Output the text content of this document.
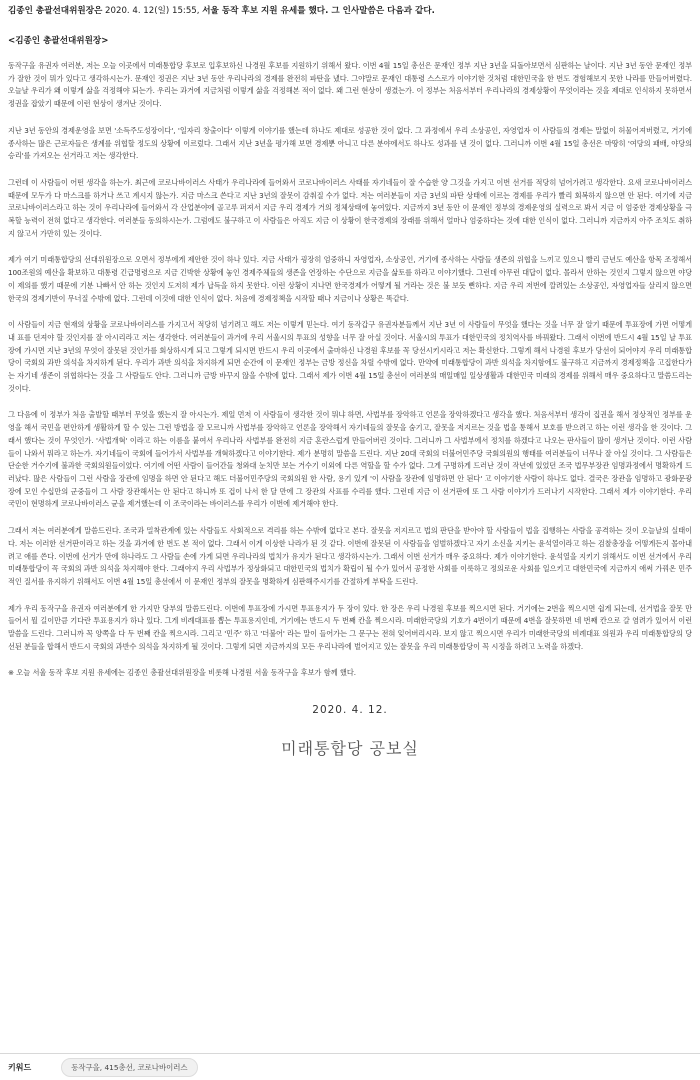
김종인 총괄선대위원장은 2020. 4. 12(일) 15:55, 서울 동작 후보 지원 유세를 했다. 그 인사말씀은 다음과 같다.

<김종인 총괄선대위원장>

동작구을 유권자 여러분, 저는 오늘 이곳에서 미래통합당 후보로 입후보하신 나경원 후보를 지원하기 위해서 왔다. 이번 4월 15일 총선은 문재인 정부 지난 3년을 되돌아보면서 심판하는 날이다. 지난 3년 동안 문재인 정부가 잘한 것이 뭐가 있다고 생각하시는가. 문재인 정권은 지난 3년 동안 우리나라의 경제를 완전히 파탄을 냈다. 그야말로 문재인 대통령 스스로가 이야기한 것처럼 대한민국을 한 번도 경험해보지 못한 나라를 만들어버렸다. 오늘날 우리가 왜 이렇게 삶을 걱정해야 되는가. 우리는 과거에 지금처럼 이렇게 삶을 걱정해본 적이 없다. 왜 그런 현상이 생겼는가. 이 정부는 처음서부터 우리나라의 경제상황이 무엇이라는 것을 제대로 인식하지 못하면서 정권을 잡았기 때문에 이런 현상이 생겨난 것이다.

지난 3년 동안의 경제운영을 보면 '소득주도성장이다', '일자리 창출이다' 이렇게 이야기를 했는데 하나도 제대로 성공한 것이 없다. 그 과정에서 우리 소상공인, 자영업자 이 사람들의 경제는 말없이 허물어져버렸고, 거기에 종사하는 많은 근로자들은 생계를 위협할 정도의 상황에 이르렀다. 그래서 지난 3년을 평가해 보면 경제뿐 아니고 다른 분야에서도 하나도 성과를 낸 것이 없다. 그러니까 이번 4월 15일 총선은 마땅히 '여당의 패배, 야당의 승리'를 가져오는 선거라고 저는 생각한다.

그런데 이 사람들이 어떤 생각을 하는가. 최근에 코로나바이러스 사태가 우리나라에 들어와서 코로나바이러스 사태를 자기네들이 잘 수습한 양 그것을 가지고 이번 선거를 적당히 넘어가려고 생각한다. 요새 코로나바이러스 때문에 모두가 다 마스크를 하거나 쓰고 계시지 않는가. 지금 마스크 쓴다고 지난 3년의 잘못이 감춰질 수가 없다. 저는 여러분들이 지금 3년의 파탄 상태에 이르는 경제를 우리가 빨리 회복하지 않으면 안 된다. 여기에 지금 코로나바이러스라고 하는 것이 우리나라에 들어와서 각 산업분야에 골고루 퍼져서 지금 우리 경제가 거의 정체상태에 놓여있다. 지금까지 3년 동안 이 문재인 정부의 경제운영의 실력으로 봐서 지금 이 엄중한 경제상황을 극복할 능력이 전혀 없다고 생각한다. 여러분들 동의하시는가. 그럼에도 불구하고 이 사람들은 아직도 지금 이 상황이 한국경제의 장래를 위해서 얼마나 엄중하다는 것에 대한 인식이 없다. 그러니까 지금까지 아주 조치도 취하지 않고서 가만히 있는 것이다.

제가 여기 미래통합당의 선대위원장으로 오면서 정부에게 제안한 것이 하나 있다. 지금 사태가 굉장히 엄중하니 자영업자, 소상공인, 거기에 종사하는 사람들 생존의 위협을 느끼고 있으니 빨리 금년도 예산을 항목 조정해서 100조원의 예산을 확보하고 대통령 긴급명령으로 지금 긴박한 상황에 놓인 경제주체들의 생존을 연장하는 수단으로 지금을 삶토를 하라고 이야기했다. 그런데 아무런 대답이 없다. 몰라서 안하는 것인지 그렇지 않으면 야당이 제의를 했기 때문에 기분 나빠서 안 하는 것인지 도저히 제가 납득을 하지 못한다. 이런 상황이 지나면 한국경제가 어떻게 될 거라는 것은 불 보듯 뻔하다. 지금 우리 저번에 깔려있는 소상공인, 자영업자들 살리지 않으면 한국의 경제기반이 무너질 수밖에 없다. 그런데 이것에 대한 인식이 없다. 처음에 경제정책을 시작할 때나 지금이나 상황은 똑같다.

이 사람들이 지금 현재의 상황을 코로나바이러스를 가지고서 적당히 넘기려고 해도 저는 이렇게 믿는다. 여기 동작갑구 유권자분들께서 지난 3년 이 사람들이 무엇을 했다는 것을 너무 잘 알기 때문에 투표장에 가면 어떻게 내 표를 던져야 할 것인지를 잘 아시리라고 저는 생각한다. 여러분들이 과거에 우리 서울시의 투표의 성향을 너무 잘 아실 것이다. 서울시의 투표가 대한민국의 정치역사를 바꿔왔다. 그래서 이번에 반드시 4월 15일 날 투표장에 가시면 지난 3년의 무엇이 잘못된 것인가를 회상하시게 되고 그렇게 되시면 반드시 우리 이곳에서 출마하신 나경원 후보를 꼭 당선시키시라고 저는 확신한다. 그렇게 해서 나경원 후보가 당선이 되어야지 우리 미래통합당이 국회의 과반 의석을 차지하게 된다. 우리가 과반 의석을 차지하게 되면 순간에 이 문재인 정부는 금방 정신을 차릴 수밖에 없다. 만약에 미래통합당이 과반 의석을 차지함에도 불구하고 지금까지 경제정책을 고집한다가는 자기네 생존이 위협하다는 것을 그 사람들도 안다. 그러니까 금방 바꾸지 않을 수밖에 없다. 그래서 제가 이번 4월 15일 총선이 여러분의 매일매일 일상생활과 대한민국 미래의 경제를 위해서 매우 중요하다고 말씀드리는 것이다.

그 다음에 이 정부가 처음 출발할 때부터 무엇을 했는지 잘 아시는가. 제일 먼저 이 사람들이 생각한 것이 뭐냐 하면, 사법부를 장악하고 언론을 장악하겠다고 생각을 했다. 처음서부터 생각이 집권을 해서 정상적인 정부를 운영을 해서 국민을 편안하게 생활하게 할 수 있는 그런 방법을 잘 모르니까 사법부를 장악하고 언론을 장악해서 자기네들의 잘못을 숨기고, 잘못을 저지르는 것을 법을 통해서 보호를 받으려고 하는 이런 생각을 한 것이다. 그래서 했다는 것이 무엇인가. '사법개혁' 이라고 하는 이름을 붙여서 우리나라 사법부를 완전히 지금 혼란스럽게 만들어버린 것이다. 그러니까 그 사법부에서 정치를 하겠다고 나오는 판사들이 많이 생겨난 것이다. 이런 사람들이 나와서 뭐라고 하는가. 자기네들이 국회에 들어가서 사법부를 개혁하겠다고 이야기한다. 제가 분명히 말씀을 드린다. 지난 20대 국회의 더불어민주당 국회의원의 행태를 여러분들이 너무나 잘 아실 것이다. 그 사람들은 단순한 거수기에 불과한 국회의원들이었다. 여기에 어떤 사람이 들어간들 청와대 눈치만 보는 거수기 이외에 다른 역할을 할 수가 없다. 그게 구명하게 드러난 것이 작년에 있었던 조국 법무부장관 임명과정에서 명확하게 드러났다. 많은 사람들이 그런 사람을 장관에 임명을 하면 안 된다고 해도 더불어민주당의 국회의원 한 사람, 용기 있게 '이 사람을 장관에 임명하면 안 된다' 고 이야기한 사람이 하나도 없다. 결국은 장관을 임명하고 광화문광장에 모인 수십만의 군중들이 그 사람 장관해서는 안 된다고 하니까 또 겁이 나서 한 달 만에 그 장관의 사표를 수리를 했다. 그런데 지금 이 선거판에 또 그 사람 이야기가 드러나기 시작한다. 그래서 제가 이야기한다. 우리 국민이 현명하게 코로나바이러스 균을 제거했는데 이 조국이라는 바이러스를 우리가 이번에 제거해야 한다.

그래서 저는 여러분에게 말씀드린다. 조국과 밀착관계에 있는 사람들도 사회적으로 격리를 하는 수밖에 없다고 본다. 잘못을 저지르고 법의 판단을 받아야 할 사람들이 법을 집행하는 사람을 공격하는 것이 오늘날의 실태이다. 저는 이러한 선거판이라고 하는 것을 과거에 한 번도 본 적이 없다. 그래서 이게 이상한 나라가 된 것 같다. 이번에 잘못된 이 사람들을 엄벌하겠다고 자기 소신을 지키는 윤석열이라고 하는 검찰총장을 어떻게든지 몰아내려고 애를 쓴다. 이번에 선거가 만에 하나라도 그 사람들 손에 가게 되면 우리나라의 법치가 유지가 된다고 생각하시는가. 그래서 이번 선거가 매우 중요하다. 제가 이야기한다. 윤석열을 지키기 위해서도 이번 선거에서 우리 미래통합당이 꼭 국회의 과반 의석을 차지해야 한다. 그래야지 우리 사법부가 정상화되고 대한민국의 법치가 확립이 될 수가 있어서 공정한 사회를 이룩하고 정의로운 사회를 일으키고 대한민국에 지금까지 애써 가꿔온 민주적인 질서를 유지하기 위해서도 이번 4월 15일 총선에서 이 문재인 정부의 잘못을 명확하게 심판해주시기를 간절하게 부탁을 드린다.

제가 우리 동작구을 유권자 여러분에게 한 가지만 당부의 말씀드린다. 이번에 투표장에 가시면 투표용지가 두 장이 있다. 한 장은 우리 나경원 후보를 찍으시면 된다. 거기에는 2번을 찍으시면 쉽게 되는데, 선거법을 잘못 만들어서 뭘 길이만큼 기다란 투표용지가 하나 있다. 그게 비례대표를 뽑는 투표용지인데, 거기에는 반드시 두 번째 칸을 찍으시라. 미래한국당의 기호가 4번이기 때문에 4번을 잘못하면 네 번째 칸으로 갈 염려가 있어서 이런 말씀을 드린다. 그러니까 꼭 양쪽을 다 두 번째 칸을 찍으시라. 그리고 '민주' 하고 '더불어' 라는 말이 들어가는 그 문구는 전혀 잊어버리시라. 보지 않고 찍으시면 우리가 미래한국당의 비례대표 의원과 우리 미래통합당의 당선된 분들을 합해서 반드시 국회의 과반수 의석을 차지하게 될 것이다. 그렇게 되면 지금까지의 모든 우리나라에 벌어지고 있는 잘못을 우리 미래통합당이 꼭 시정을 하려고 노력을 하겠다.

※ 오늘 서울 동작 후보 지원 유세에는 김종인 총괄선대위원장을 비롯해 나경원 서울 동작구을 후보가 함께 했다.

2020. 4. 12.

미래통합당 공보실

키워드	동작구을, 415총선, 코로나바이러스
